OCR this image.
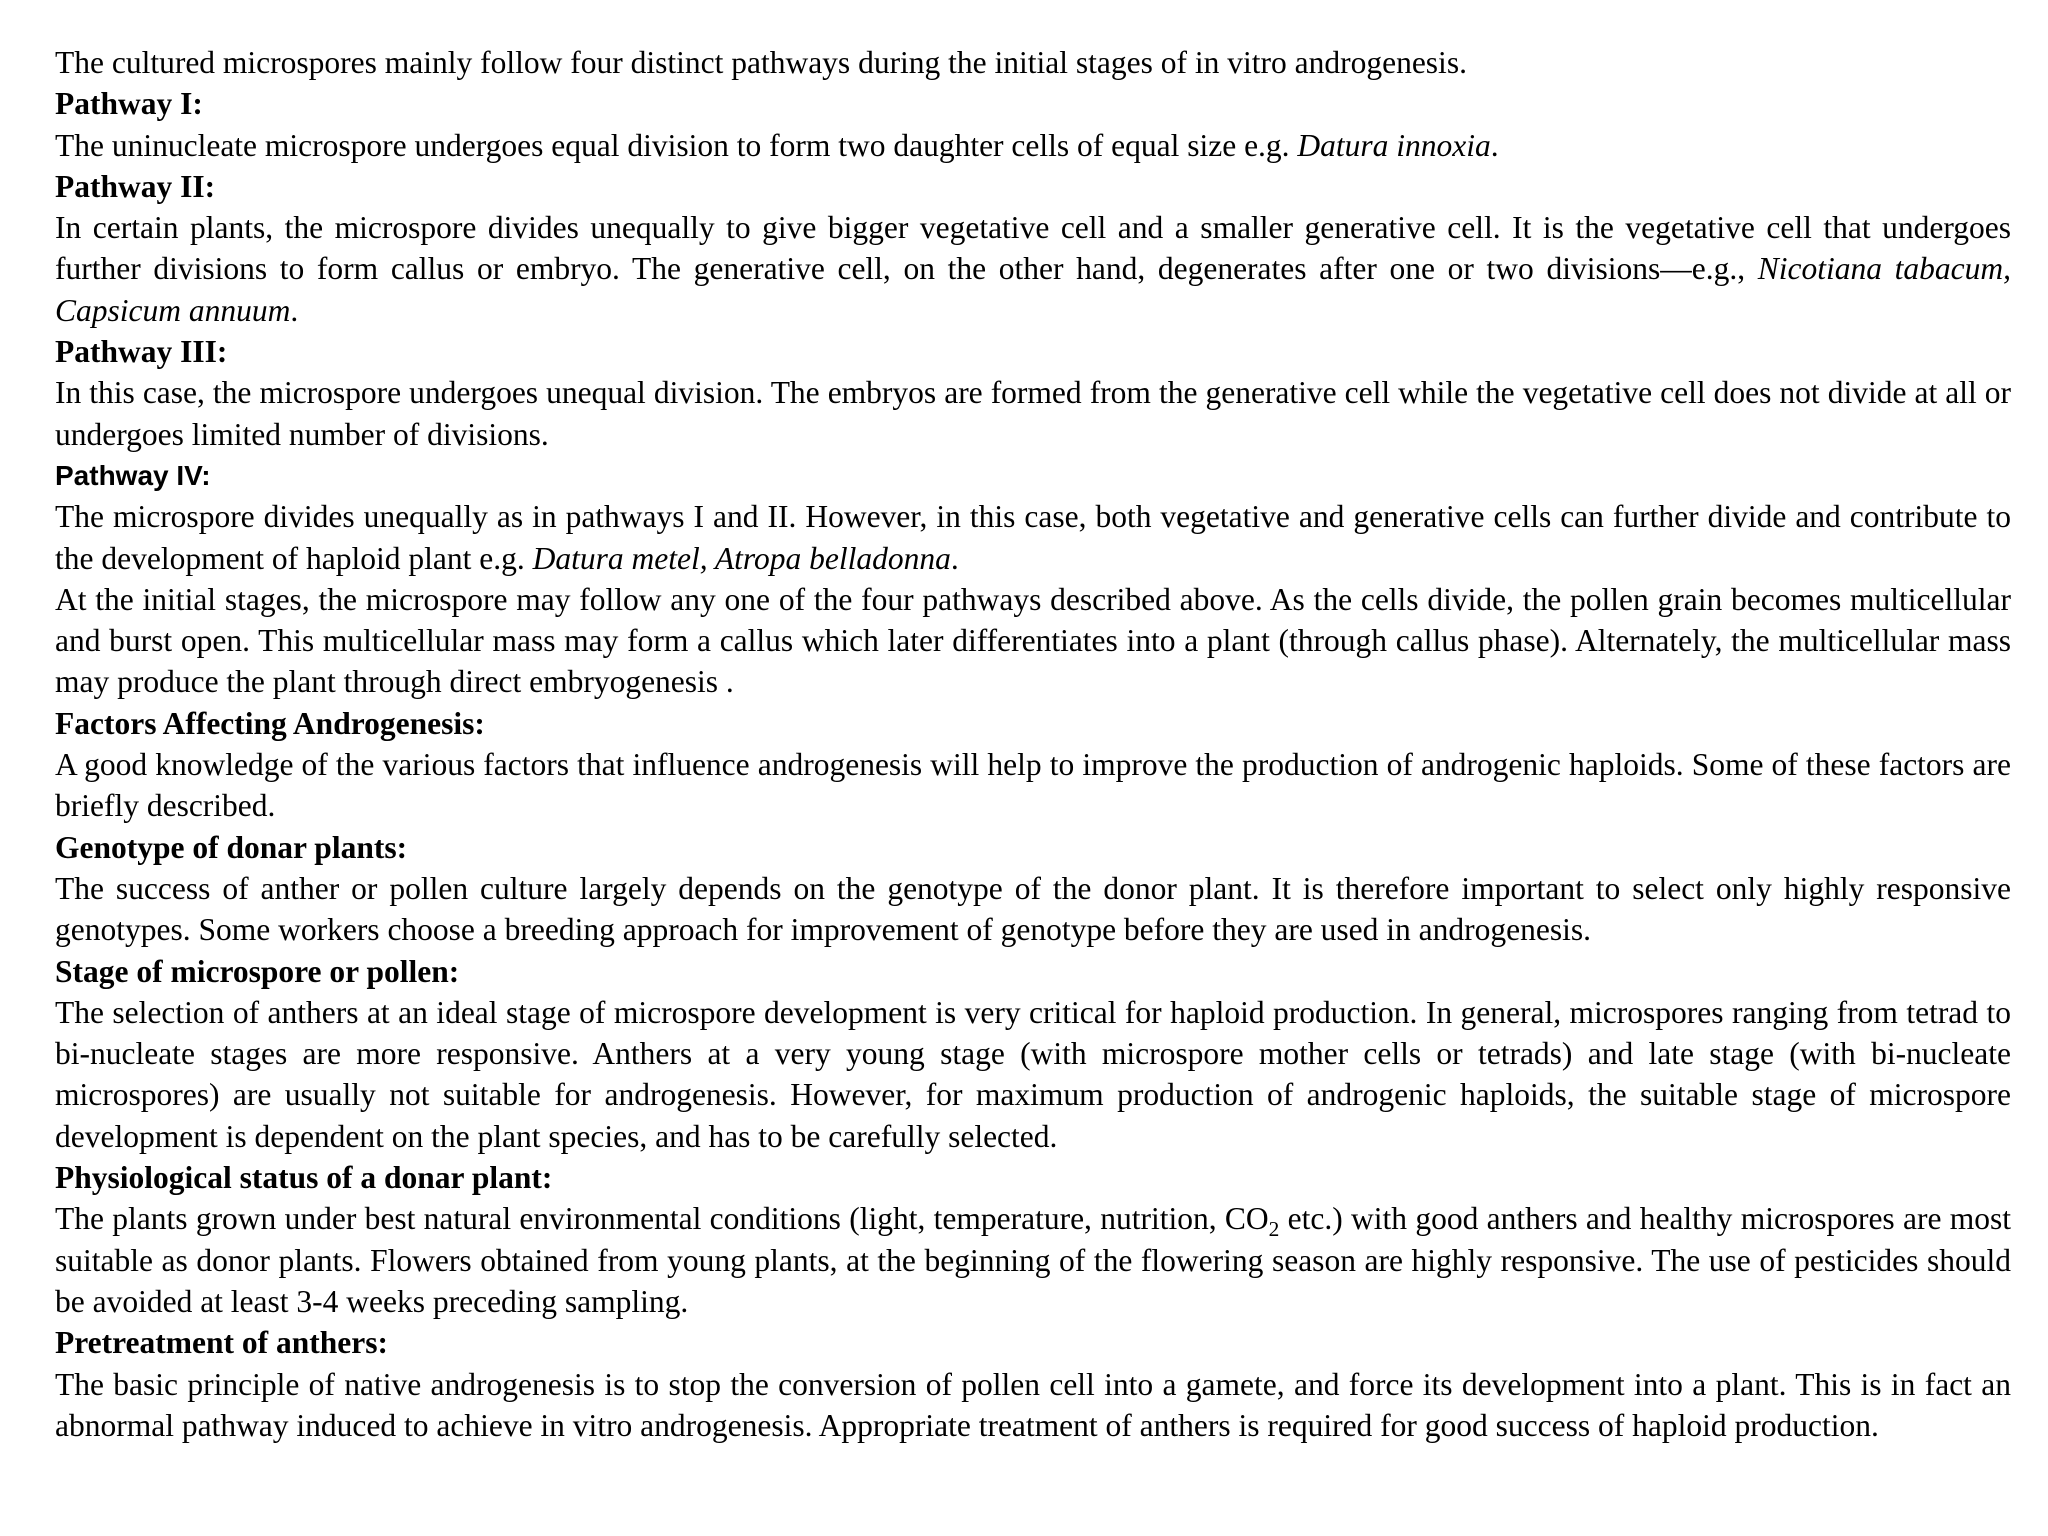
The cultured microspores mainly follow four distinct pathways during the initial stages of in vitro androgenesis.

Pathway I:

The uninucleate microspore undergoes equal division to form two daughter cells of equal size e.g. Datura innoxia.

Pathway II:

In certain plants, the microspore divides unequally to give bigger vegetative cell and a smaller generative cell. It is the vegetative cell that undergoes further divisions to form callus or embryo. The generative cell, on the other hand, degenerates after one or two divisions—e.g., Nicotiana tabacum, Capsicum annuum.

Pathway III:

In this case, the microspore undergoes unequal division. The embryos are formed from the generative cell while the vegetative cell does not divide at all or undergoes limited number of divisions.

Pathway IV:

The microspore divides unequally as in pathways I and II. However, in this case, both vegetative and generative cells can further divide and contribute to the development of haploid plant e.g. Datura metel, Atropa belladonna.

At the initial stages, the microspore may follow any one of the four pathways described above. As the cells divide, the pollen grain becomes multicellular and burst open. This multicellular mass may form a callus which later differentiates into a plant (through callus phase). Alternately, the multicellular mass may produce the plant through direct embryogenesis .

Factors Affecting Androgenesis:

A good knowledge of the various factors that influence androgenesis will help to improve the production of androgenic haploids. Some of these factors are briefly described.

Genotype of donar plants:

The success of anther or pollen culture largely depends on the genotype of the donor plant. It is therefore important to select only highly responsive genotypes. Some workers choose a breeding approach for improvement of genotype before they are used in androgenesis.

Stage of microspore or pollen:

The selection of anthers at an ideal stage of microspore development is very critical for haploid production. In general, microspores ranging from tetrad to bi-nucleate stages are more responsive. Anthers at a very young stage (with microspore mother cells or tetrads) and late stage (with bi-nucleate microspores) are usually not suitable for androgenesis. However, for maximum production of androgenic haploids, the suitable stage of microspore development is dependent on the plant species, and has to be carefully selected.

Physiological status of a donar plant:

The plants grown under best natural environmental conditions (light, temperature, nutrition, $CO_2$ etc.) with good anthers and healthy microspores are most suitable as donor plants. Flowers obtained from young plants, at the beginning of the flowering season are highly responsive. The use of pesticides should be avoided at least 3-4 weeks preceding sampling.

Pretreatment of anthers:

The basic principle of native androgenesis is to stop the conversion of pollen cell into a gamete, and force its development into a plant. This is in fact an abnormal pathway induced to achieve in vitro androgenesis. Appropriate treatment of anthers is required for good success of haploid production.
